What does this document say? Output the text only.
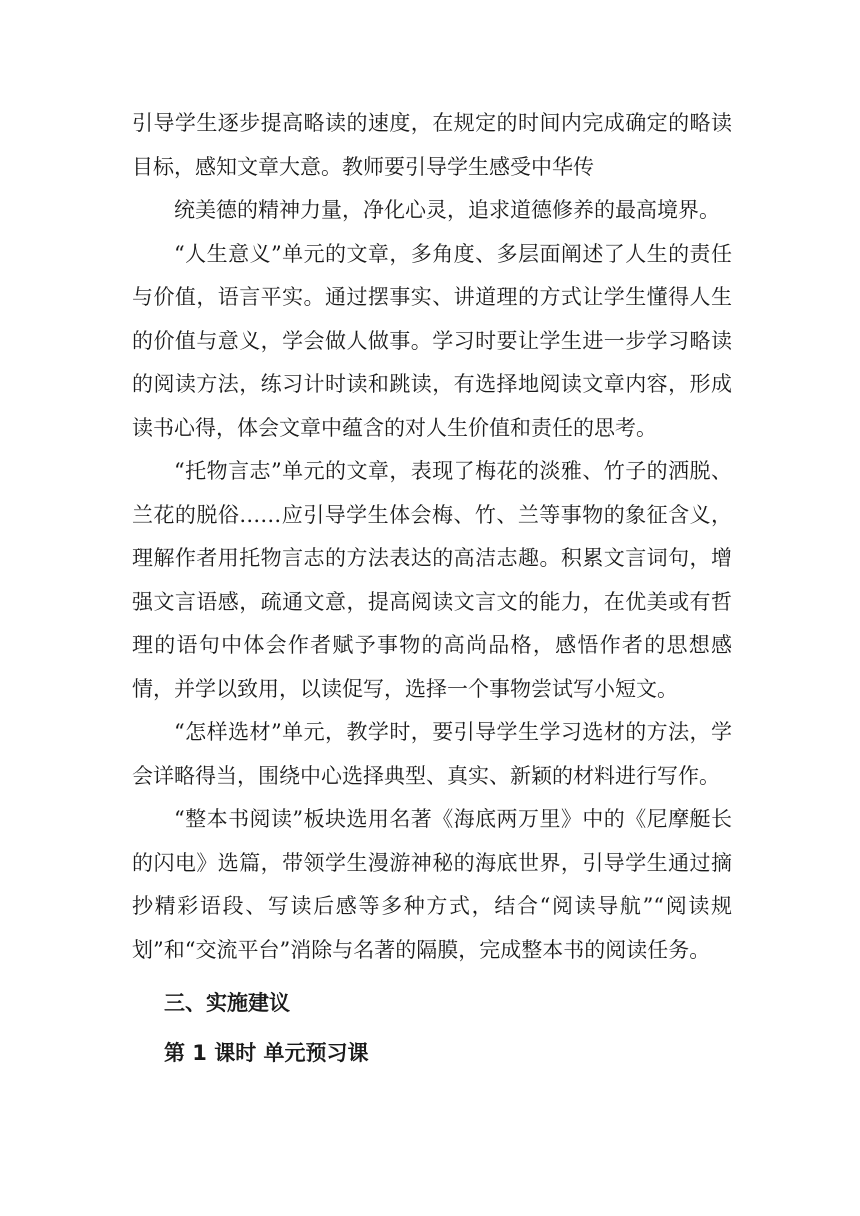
引导学生逐步提高略读的速度，在规定的时间内完成确定的略读目标，感知文章大意。教师要引导学生感受中华传

统美德的精神力量，净化心灵，追求道德修养的最高境界。

“人生意义”单元的文章，多角度、多层面阐述了人生的责任与价值，语言平实。通过摆事实、讲道理的方式让学生懂得人生的价值与意义，学会做人做事。学习时要让学生进一步学习略读的阅读方法，练习计时读和跳读，有选择地阅读文章内容，形成读书心得，体会文章中蕴含的对人生价值和责任的思考。

“托物言志”单元的文章，表现了梅花的淡雅、竹子的洒脱、兰花的脱俗……应引导学生体会梅、竹、兰等事物的象征含义，理解作者用托物言志的方法表达的高洁志趣。积累文言词句，增强文言语感，疏通文意，提高阅读文言文的能力，在优美或有哲理的语句中体会作者赋予事物的高尚品格，感悟作者的思想感情，并学以致用，以读促写，选择一个事物尝试写小短文。

“怎样选材”单元，教学时，要引导学生学习选材的方法，学会详略得当，围绕中心选择典型、真实、新颖的材料进行写作。

“整本书阅读”板块选用名著《海底两万里》中的《尼摩艇长的闪电》选篇，带领学生漫游神秘的海底世界，引导学生通过摘抄精彩语段、写读后感等多种方式，结合“阅读导航”“阅读规划”和“交流平台”消除与名著的隔膜，完成整本书的阅读任务。

三、实施建议

第 1 课时 单元预习课
